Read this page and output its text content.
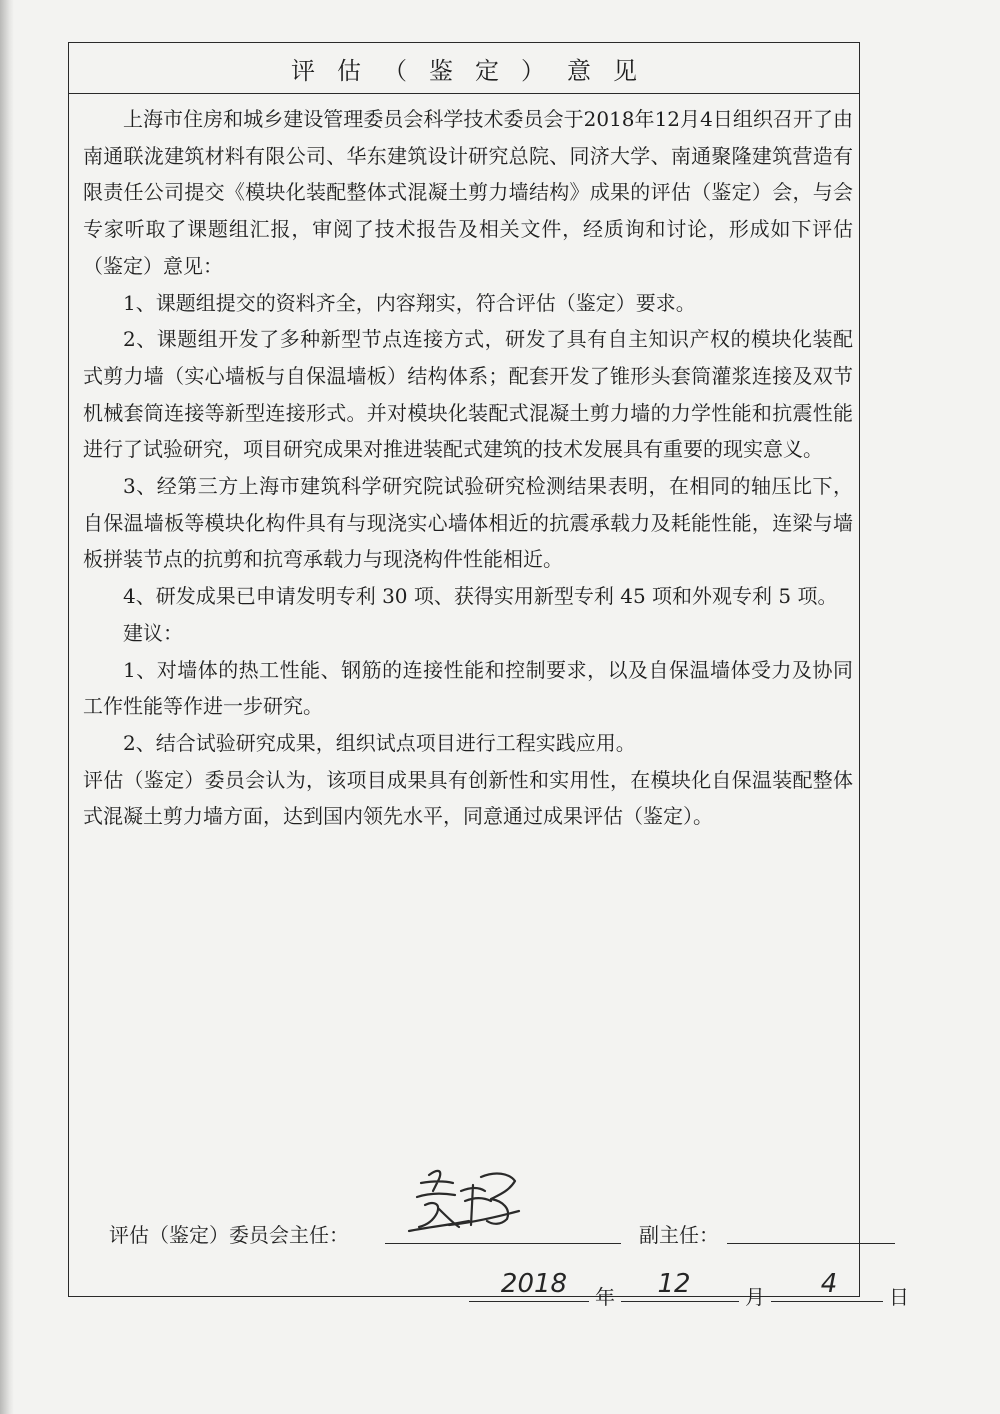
评估（鉴定）意见

上海市住房和城乡建设管理委员会科学技术委员会于2018年12月4日组织召开了由南通联泷建筑材料有限公司、华东建筑设计研究总院、同济大学、南通聚隆建筑营造有限责任公司提交《模块化装配整体式混凝土剪力墙结构》成果的评估（鉴定）会，与会专家听取了课题组汇报，审阅了技术报告及相关文件，经质询和讨论，形成如下评估（鉴定）意见：

1、课题组提交的资料齐全，内容翔实，符合评估（鉴定）要求。

2、课题组开发了多种新型节点连接方式，研发了具有自主知识产权的模块化装配式剪力墙（实心墙板与自保温墙板）结构体系；配套开发了锥形头套筒灌浆连接及双节机械套筒连接等新型连接形式。并对模块化装配式混凝土剪力墙的力学性能和抗震性能进行了试验研究，项目研究成果对推进装配式建筑的技术发展具有重要的现实意义。

3、经第三方上海市建筑科学研究院试验研究检测结果表明，在相同的轴压比下，自保温墙板等模块化构件具有与现浇实心墙体相近的抗震承载力及耗能性能，连梁与墙板拼装节点的抗剪和抗弯承载力与现浇构件性能相近。

4、研发成果已申请发明专利 30 项、获得实用新型专利 45 项和外观专利 5 项。

建议：

1、对墙体的热工性能、钢筋的连接性能和控制要求，以及自保温墙体受力及协同工作性能等作进一步研究。

2、结合试验研究成果，组织试点项目进行工程实践应用。

评估（鉴定）委员会认为，该项目成果具有创新性和实用性，在模块化自保温装配整体式混凝土剪力墙方面，达到国内领先水平，同意通过成果评估（鉴定）。

评估（鉴定）委员会主任：	副主任：
2018	年	12	月	4	日
